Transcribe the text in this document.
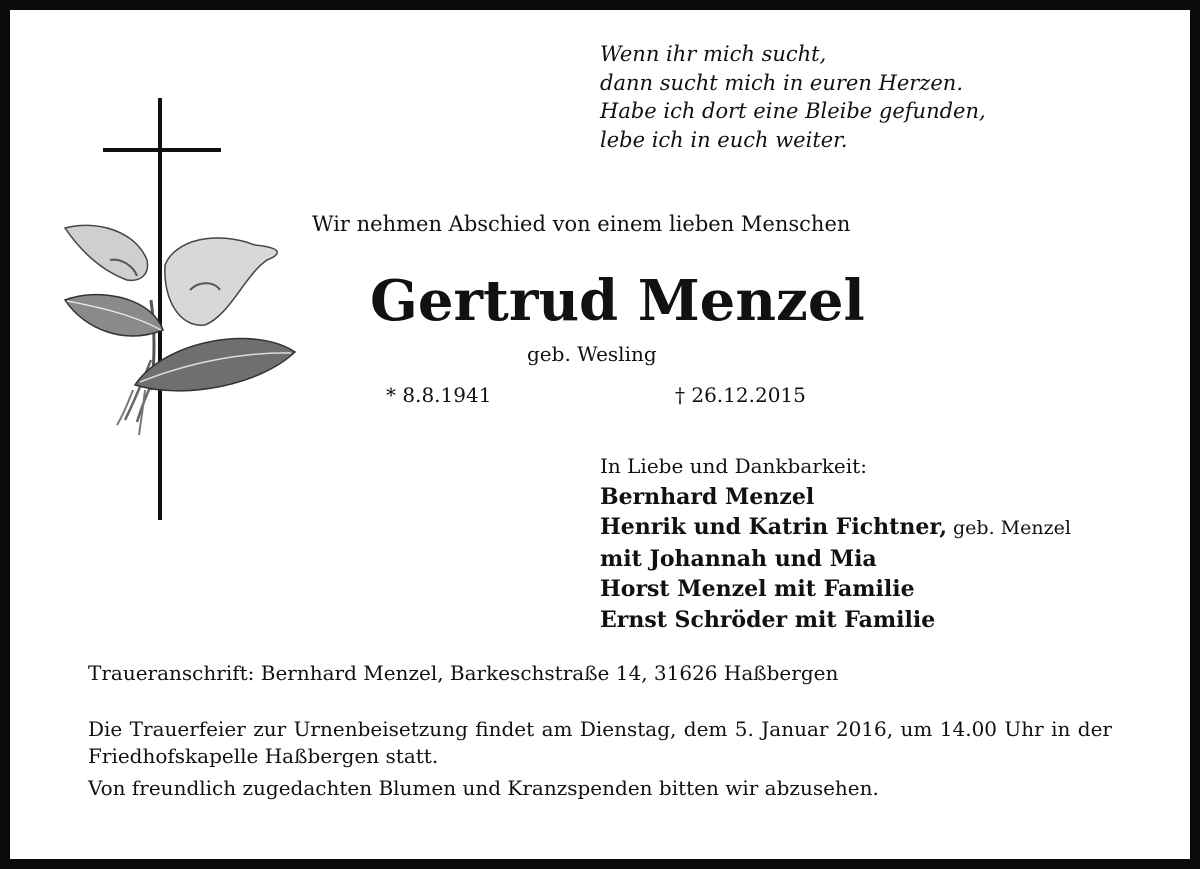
Wenn ihr mich sucht,
dann sucht mich in euren Herzen.
Habe ich dort eine Bleibe gefunden,
lebe ich in euch weiter.
Wir nehmen Abschied von einem lieben Menschen
Gertrud Menzel
geb. Wesling
* 8.8.1941	† 26.12.2015
In Liebe und Dankbarkeit:
Bernhard Menzel
Henrik und Katrin Fichtner, geb. Menzel
mit Johannah und Mia
Horst Menzel mit Familie
Ernst Schröder mit Familie
Traueranschrift: Bernhard Menzel, Barkeschstraße 14, 31626 Haßbergen
Die Trauerfeier zur Urnenbeisetzung findet am Dienstag, dem 5. Januar 2016, um 14.00 Uhr in der Friedhofskapelle Haßbergen statt.
Von freundlich zugedachten Blumen und Kranzspenden bitten wir abzusehen.
